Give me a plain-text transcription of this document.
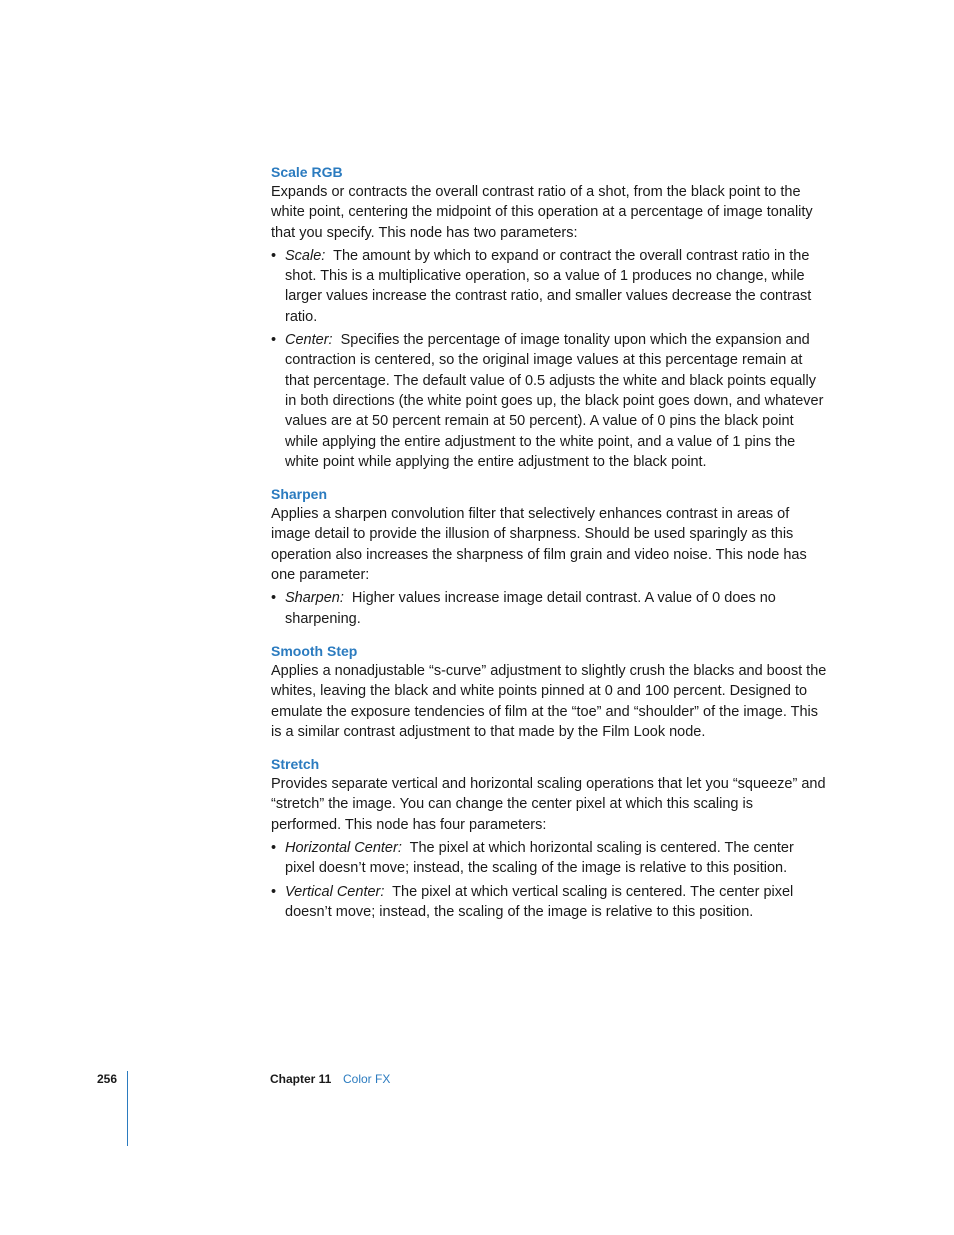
Scale RGB

Expands or contracts the overall contrast ratio of a shot, from the black point to the white point, centering the midpoint of this operation at a percentage of image tonality that you specify. This node has two parameters:

• Scale: The amount by which to expand or contract the overall contrast ratio in the shot. This is a multiplicative operation, so a value of 1 produces no change, while larger values increase the contrast ratio, and smaller values decrease the contrast ratio.
• Center: Specifies the percentage of image tonality upon which the expansion and contraction is centered, so the original image values at this percentage remain at that percentage. The default value of 0.5 adjusts the white and black points equally in both directions (the white point goes up, the black point goes down, and whatever values are at 50 percent remain at 50 percent). A value of 0 pins the black point while applying the entire adjustment to the white point, and a value of 1 pins the white point while applying the entire adjustment to the black point.
Sharpen

Applies a sharpen convolution filter that selectively enhances contrast in areas of image detail to provide the illusion of sharpness. Should be used sparingly as this operation also increases the sharpness of film grain and video noise. This node has one parameter:

• Sharpen: Higher values increase image detail contrast. A value of 0 does no sharpening.
Smooth Step

Applies a nonadjustable “s-curve” adjustment to slightly crush the blacks and boost the whites, leaving the black and white points pinned at 0 and 100 percent. Designed to emulate the exposure tendencies of film at the “toe” and “shoulder” of the image. This is a similar contrast adjustment to that made by the Film Look node.

Stretch

Provides separate vertical and horizontal scaling operations that let you “squeeze” and “stretch” the image. You can change the center pixel at which this scaling is performed. This node has four parameters:

• Horizontal Center: The pixel at which horizontal scaling is centered. The center pixel doesn’t move; instead, the scaling of the image is relative to this position.
• Vertical Center: The pixel at which vertical scaling is centered. The center pixel doesn’t move; instead, the scaling of the image is relative to this position.
256	Chapter 11 Color FX
